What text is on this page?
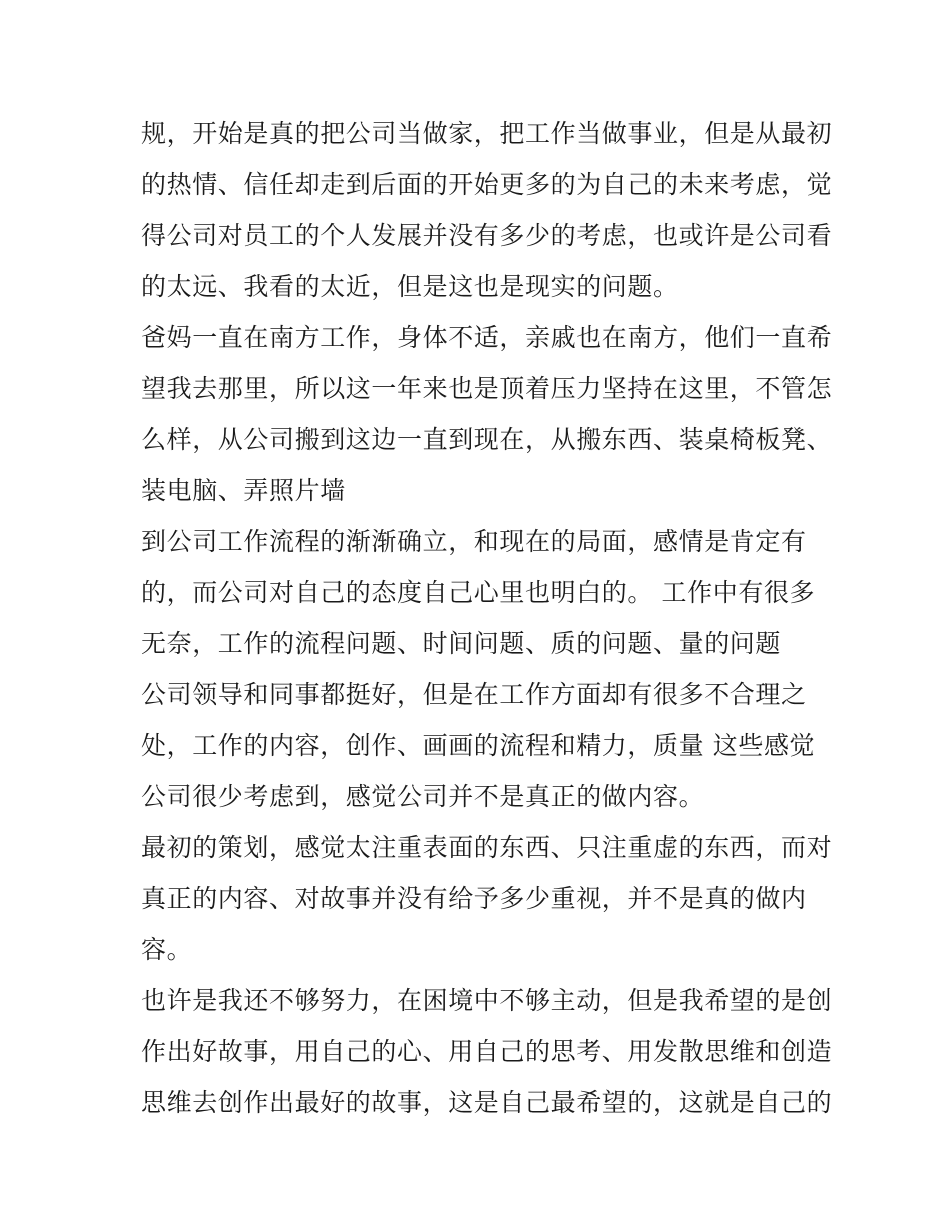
规，开始是真的把公司当做家，把工作当做事业，但是从最初
的热情、信任却走到后面的开始更多的为自己的未来考虑，觉
得公司对员工的个人发展并没有多少的考虑，也或许是公司看
的太远、我看的太近，但是这也是现实的问题。
爸妈一直在南方工作，身体不适，亲戚也在南方，他们一直希
望我去那里，所以这一年来也是顶着压力坚持在这里，不管怎
么样，从公司搬到这边一直到现在，从搬东西、装桌椅板凳、
装电脑、弄照片墙
到公司工作流程的渐渐确立，和现在的局面，感情是肯定有
的，而公司对自己的态度自己心里也明白的。 工作中有很多
无奈，工作的流程问题、时间问题、质的问题、量的问题
公司领导和同事都挺好，但是在工作方面却有很多不合理之
处，工作的内容，创作、画画的流程和精力，质量 这些感觉
公司很少考虑到，感觉公司并不是真正的做内容。
最初的策划，感觉太注重表面的东西、只注重虚的东西，而对
真正的内容、对故事并没有给予多少重视，并不是真的做内
容。
也许是我还不够努力，在困境中不够主动，但是我希望的是创
作出好故事，用自己的心、用自己的思考、用发散思维和创造
思维去创作出最好的故事，这是自己最希望的，这就是自己的
